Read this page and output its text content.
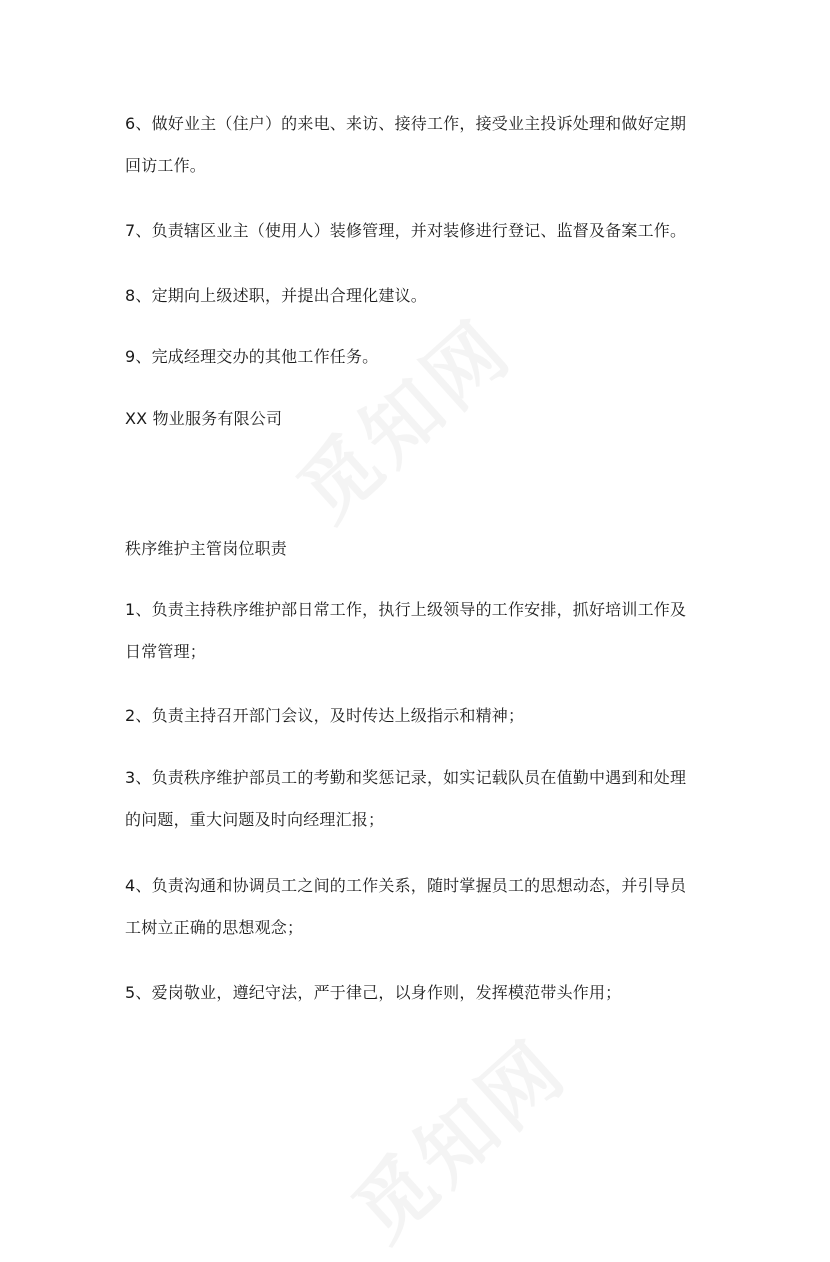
6、做好业主（住户）的来电、来访、接待工作，接受业主投诉处理和做好定期
回访工作。
7、负责辖区业主（使用人）装修管理，并对装修进行登记、监督及备案工作。
8、定期向上级述职，并提出合理化建议。
9、完成经理交办的其他工作任务。
XX 物业服务有限公司
秩序维护主管岗位职责
1、负责主持秩序维护部日常工作，执行上级领导的工作安排，抓好培训工作及
日常管理；
2、负责主持召开部门会议，及时传达上级指示和精神；
3、负责秩序维护部员工的考勤和奖惩记录，如实记载队员在值勤中遇到和处理
的问题，重大问题及时向经理汇报；
4、负责沟通和协调员工之间的工作关系，随时掌握员工的思想动态，并引导员
工树立正确的思想观念；
5、爱岗敬业，遵纪守法，严于律己，以身作则，发挥模范带头作用；
